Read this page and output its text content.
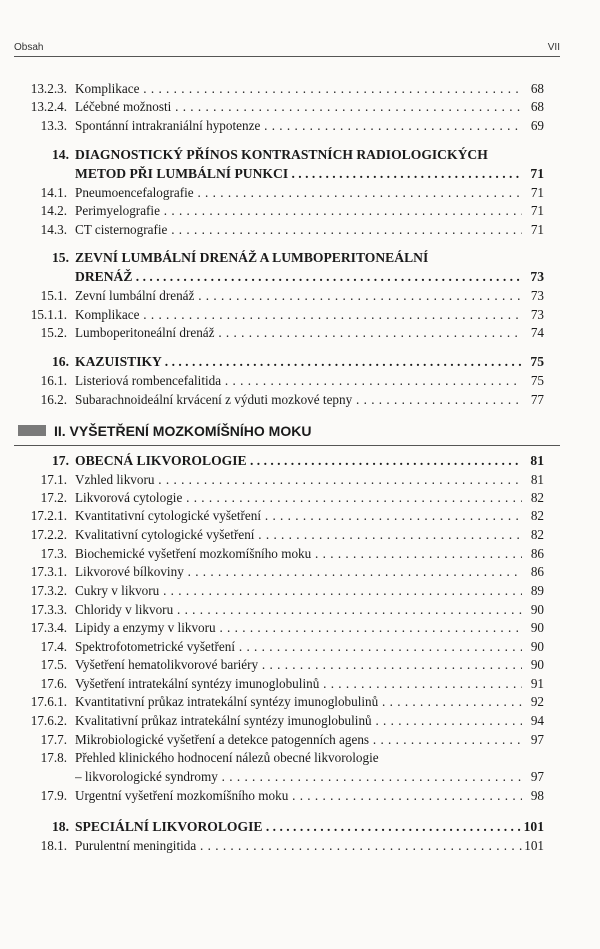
Obsah	VII
13.2.3. Komplikace . . .	68
13.2.4. Léčebné možnosti . . .	68
13.3. Spontánní intrakraniální hypotenze . . .	69
14. DIAGNOSTICKÝ PŘÍNOS KONTRASTNÍCH RADIOLOGICKÝCH
METOD PŘI LUMBÁLNÍ PUNKCI . . .	71
14.1. Pneumoencefalografie . . .	71
14.2. Perimyelografie . . .	71
14.3. CT cisternografie . . .	71
15. ZEVNÍ LUMBÁLNÍ DRENÁŽ A LUMBOPERITONEÁLNÍ
DRENÁŽ . . .	73
15.1. Zevní lumbální drenáž . . .	73
15.1.1. Komplikace . . .	73
15.2. Lumboperitoneální drenáž . . .	74
16. KAZUISTIKY . . .	75
16.1. Listeriová rombencefalitida . . .	75
16.2. Subarachnoideální krvácení z výduti mozkové tepny . . .	77
17. OBECNÁ LIKVOROLOGIE . . .	81
17.1. Vzhled likvoru . . .	81
17.2. Likvorová cytologie . . .	82
17.2.1. Kvantitativní cytologické vyšetření . . .	82
17.2.2. Kvalitativní cytologické vyšetření . . .	82
17.3. Biochemické vyšetření mozkomíšního moku . . .	86
17.3.1. Likvorové bílkoviny . . .	86
17.3.2. Cukry v likvoru . . .	89
17.3.3. Chloridy v likvoru . . .	90
17.3.4. Lipidy a enzymy v likvoru . . .	90
17.4. Spektrofotometrické vyšetření . . .	90
17.5. Vyšetření hematolikvorové bariéry . . .	90
17.6. Vyšetření intratekální syntézy imunoglobulinů . . .	91
17.6.1. Kvantitativní průkaz intratekální syntézy imunoglobulinů . . .	92
17.6.2. Kvalitativní průkaz intratekální syntézy imunoglobulinů . . .	94
17.7. Mikrobiologické vyšetření a detekce patogenních agens . . .	97
17.8. Přehled klinického hodnocení nálezů obecné likvorologie
– likvorologické syndromy . . .	97
17.9. Urgentní vyšetření mozkomíšního moku . . .	98
18. SPECIÁLNÍ LIKVOROLOGIE . . .	101
18.1. Purulentní meningitida . . .	101
II. VYŠETŘENÍ MOZKOMÍŠNÍHO MOKU
